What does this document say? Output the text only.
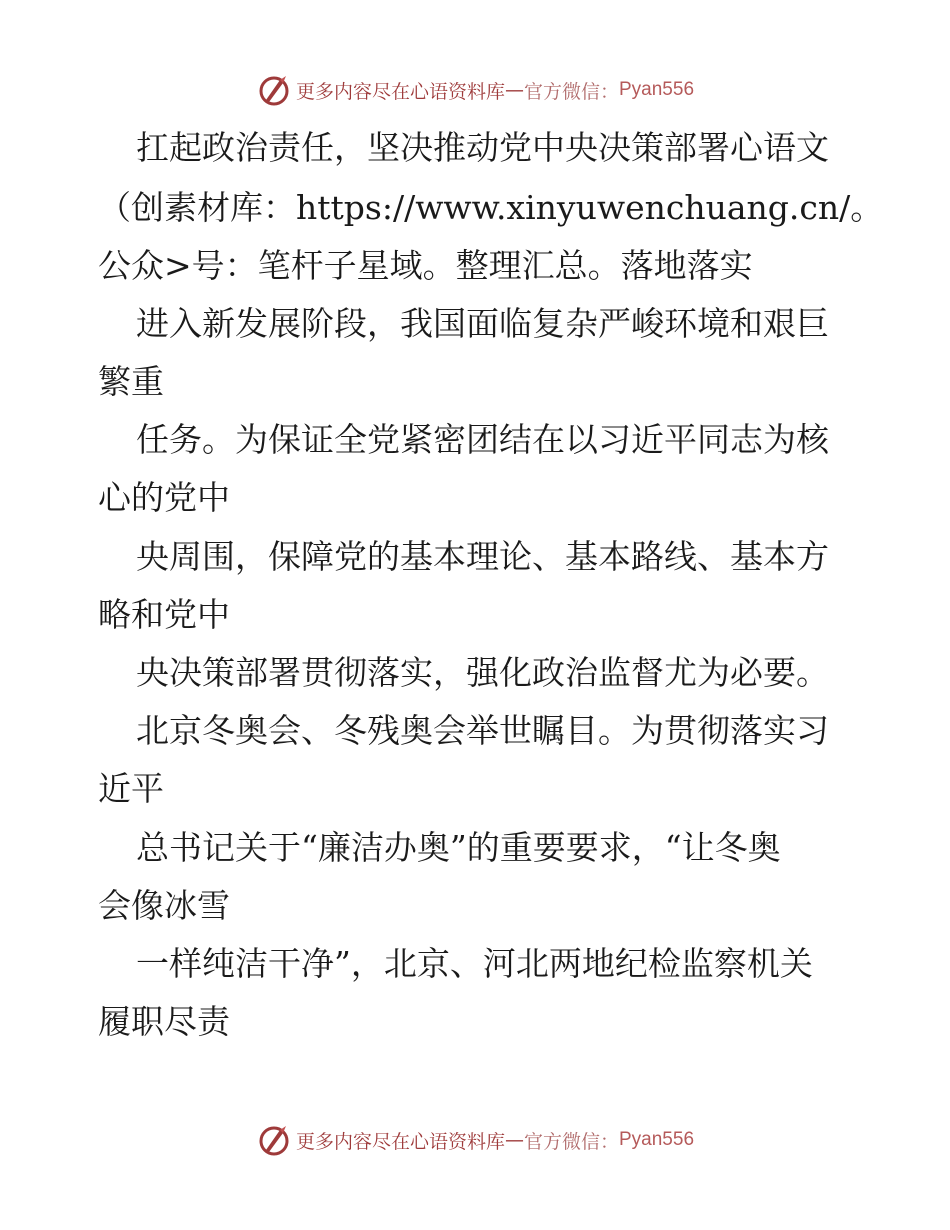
更多内容尽在心语资料库 — 官方微信： Pyan556
扛起政治责任，坚决推动党中央决策部署心语文
（创素材库：https://www.xinyuwenchuang.cn/。
公众>号：笔杆子星域。整理汇总。落地落实
进入新发展阶段，我国面临复杂严峻环境和艰巨
繁重
任务。为保证全党紧密团结在以习近平同志为核
心的党中
央周围，保障党的基本理论、基本路线、基本方
略和党中
央决策部署贯彻落实，强化政治监督尤为必要。
北京冬奥会、冬残奥会举世瞩目。为贯彻落实习
近平
总书记关于“廉洁办奥”的重要要求，“让冬奥
会像冰雪
一样纯洁干净”，北京、河北两地纪检监察机关
履职尽责
更多内容尽在心语资料库 — 官方微信： Pyan556
